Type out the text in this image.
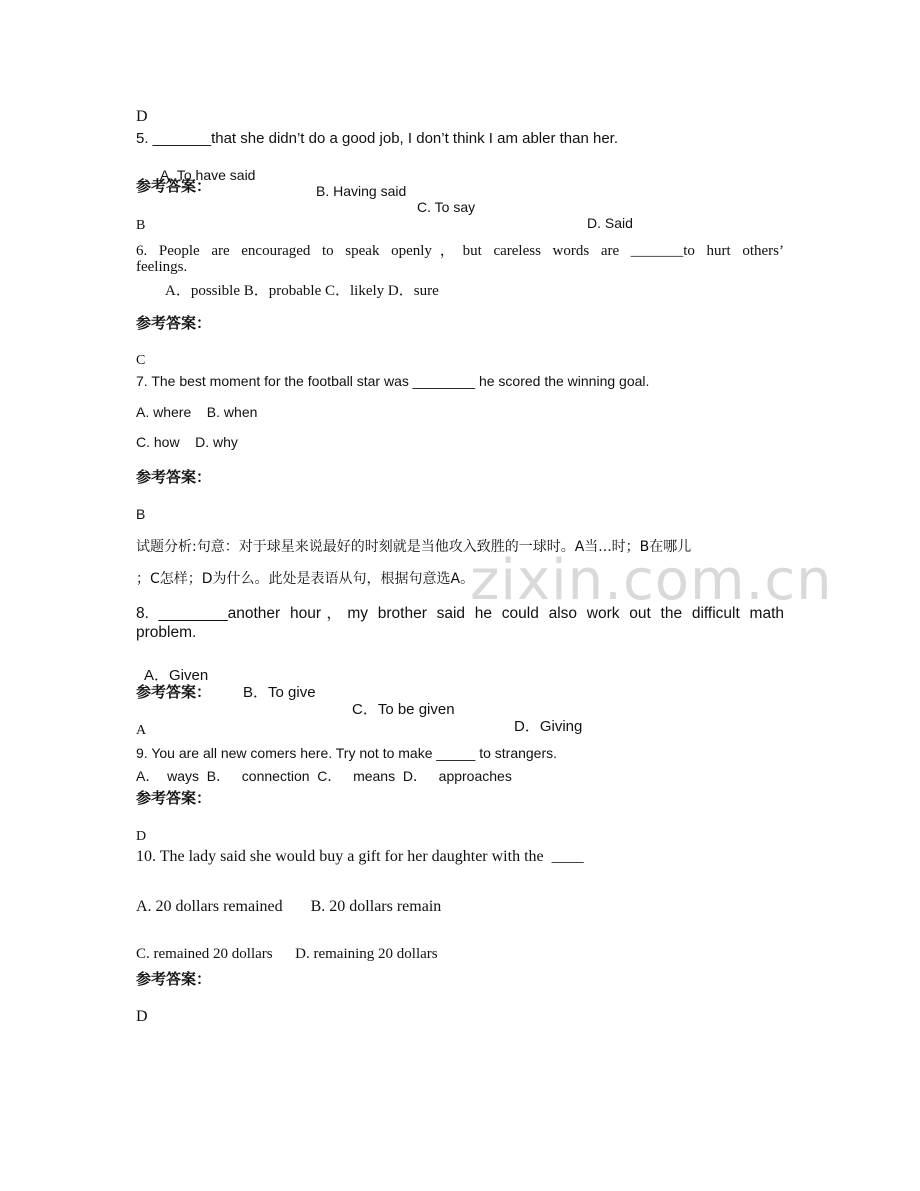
zixin.com.cn
D
5. _______that she didn’t do a good job, I don’t think I am abler than her.

A. To have said

B. Having said

C. To say

D. Said

参考答案：
B
6. People are encouraged to speak openly，but careless words are _______to hurt others’
feelings.
A．possible B．probable C．likely D．sure
参考答案：
C
7. The best moment for the football star was ________ he scored the winning goal.
A. where    B. when
C. how    D. why
参考答案：
B
试题分析:句意：对于球星来说最好的时刻就是当他攻入致胜的一球时。A当...时；B在哪儿
；C怎样；D为什么。此处是表语从句，根据句意选A。
8. ________another hour，my brother said he could also work out the difficult math
problem.

A．Given

B．To give

C．To be given

D．Giving

参考答案：
A
9. You are all new comers here. Try not to make _____ to strangers.
A．  ways  B．   connection  C．   means  D．   approaches
参考答案：
D
10. The lady said she would buy a gift for her daughter with the  ____
A. 20 dollars remained       B. 20 dollars remain
C. remained 20 dollars      D. remaining 20 dollars
参考答案：
D
